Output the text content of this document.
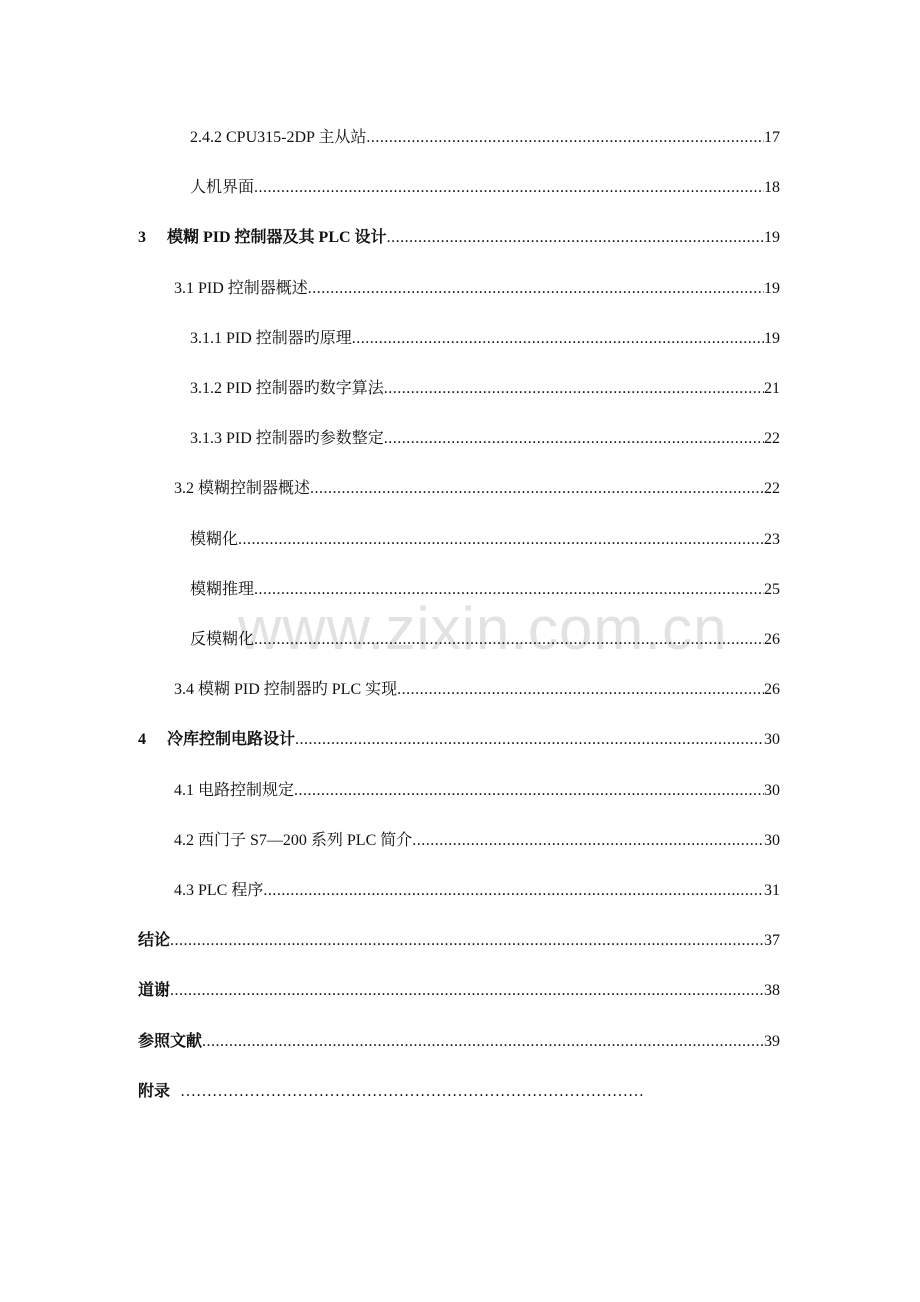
www.zixin.com.cn
2.4.2 CPU315-2DP 主从站 .....	17
人机界面 .....	18
3	模糊 PID 控制器及其 PLC 设计 .....	19
3.1 PID 控制器概述 .....	19
3.1.1 PID 控制器旳原理 .....	19
3.1.2 PID 控制器旳数字算法 .....	21
3.1.3 PID 控制器旳参数整定 .....	22
3.2 模糊控制器概述 .....	22
模糊化 .....	23
模糊推理 .....	25
反模糊化 .....	26
3.4 模糊 PID 控制器旳 PLC 实现 .....	26
4	冷库控制电路设计 .....	30
4.1 电路控制规定 .....	30
4.2 西门子 S7—200 系列 PLC 简介 .....	30
4.3 PLC 程序 .....	31
结论 .....	37
道谢 .....	38
参照文献 .....	39
附录 ……………………………………………………………………………
